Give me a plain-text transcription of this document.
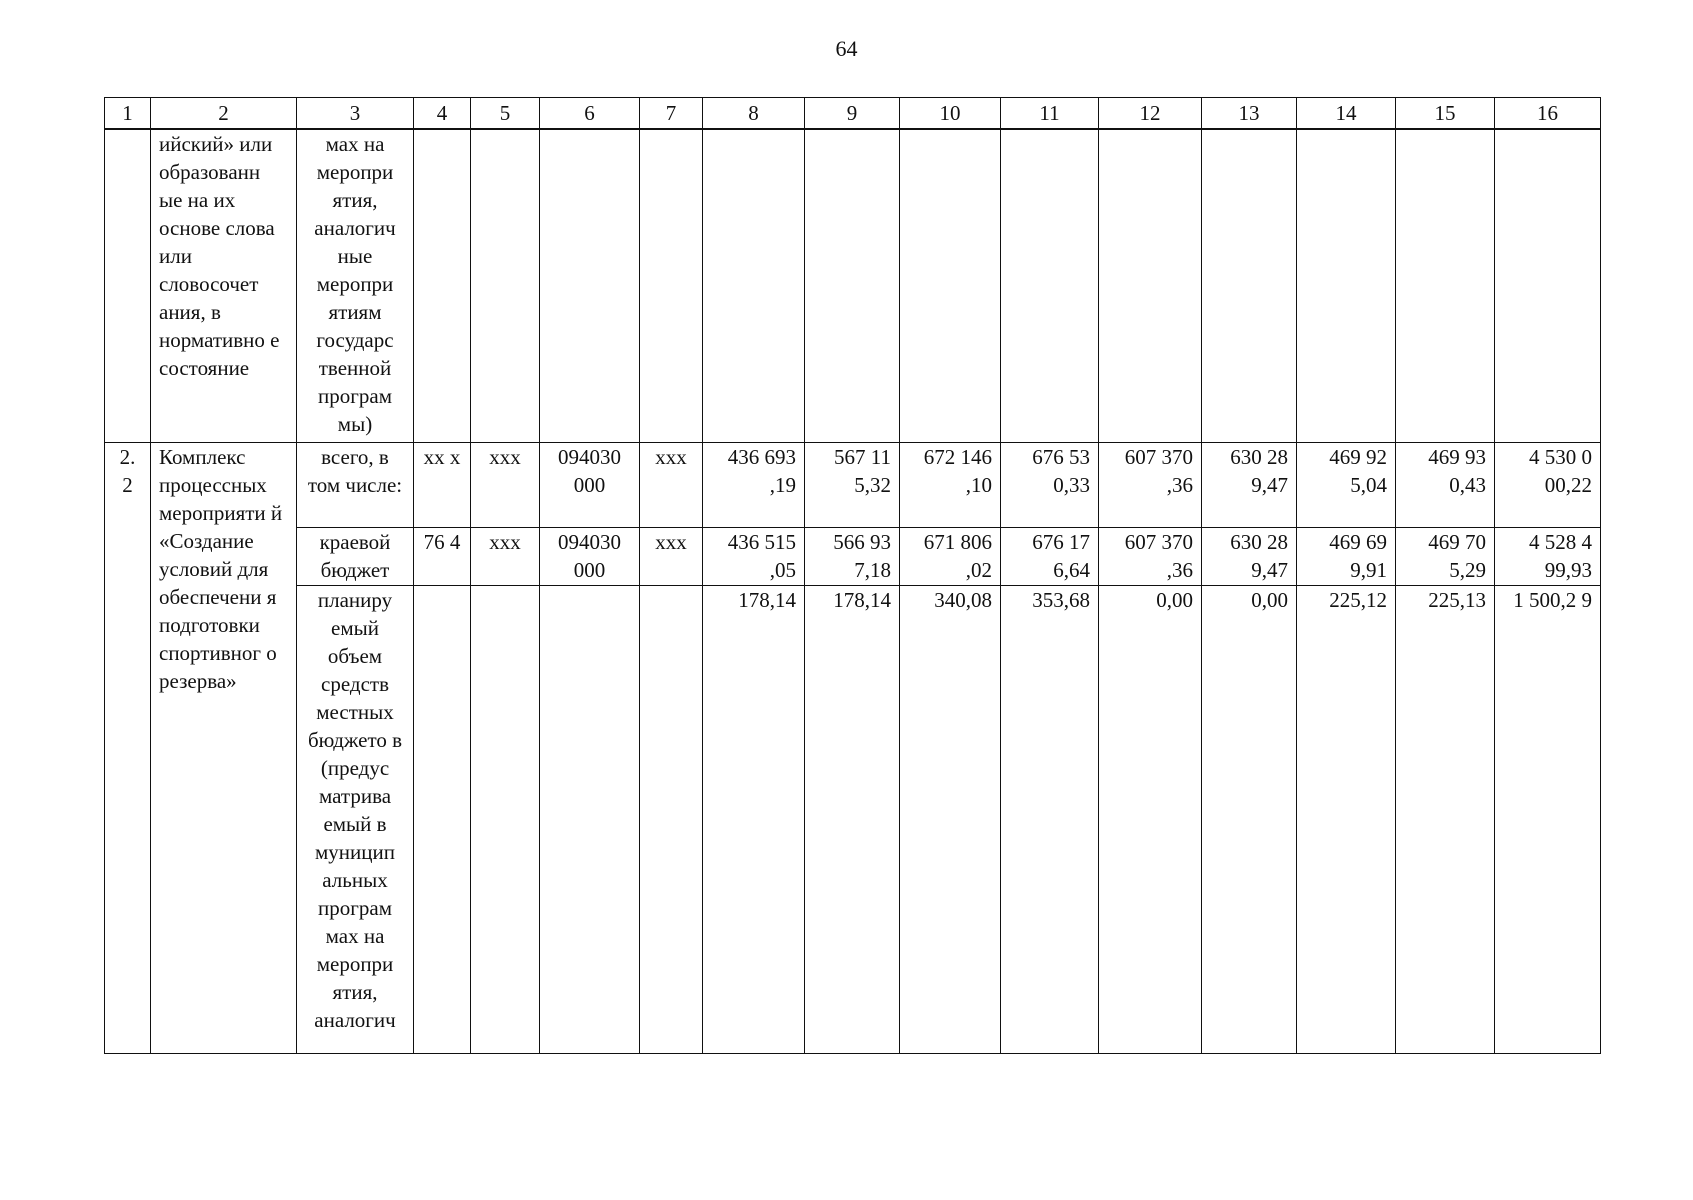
64
1	2	3	4	5	6	7	8	9	10	11	12	13	14	15	16
	ийский» или образованн ые на их основе слова или словосочет ания, в нормативно е состояние	мах на меропри ятия, аналогич ные меропри ятиям государс твенной програм мы)													
2. 2	Комплекс процессных мероприяти й «Создание условий для обеспечени я подготовки спортивног о резерва»	всего, в том числе:	xx x	xxx	094030 000	xxx	436 693 ,19	567 11 5,32	672 146 ,10	676 53 0,33	607 370 ,36	630 28 9,47	469 92 5,04	469 93 0,43	4 530 0 00,22
		краевой бюджет	76 4	xxx	094030 000	xxx	436 515 ,05	566 93 7,18	671 806 ,02	676 17 6,64	607 370 ,36	630 28 9,47	469 69 9,91	469 70 5,29	4 528 4 99,93
		планиру емый объем средств местных бюджето в (предус матрива емый в муницип альных програм мах на меропри ятия, аналогич					178,14	178,14	340,08	353,68	0,00	0,00	225,12	225,13	1 500,2 9
